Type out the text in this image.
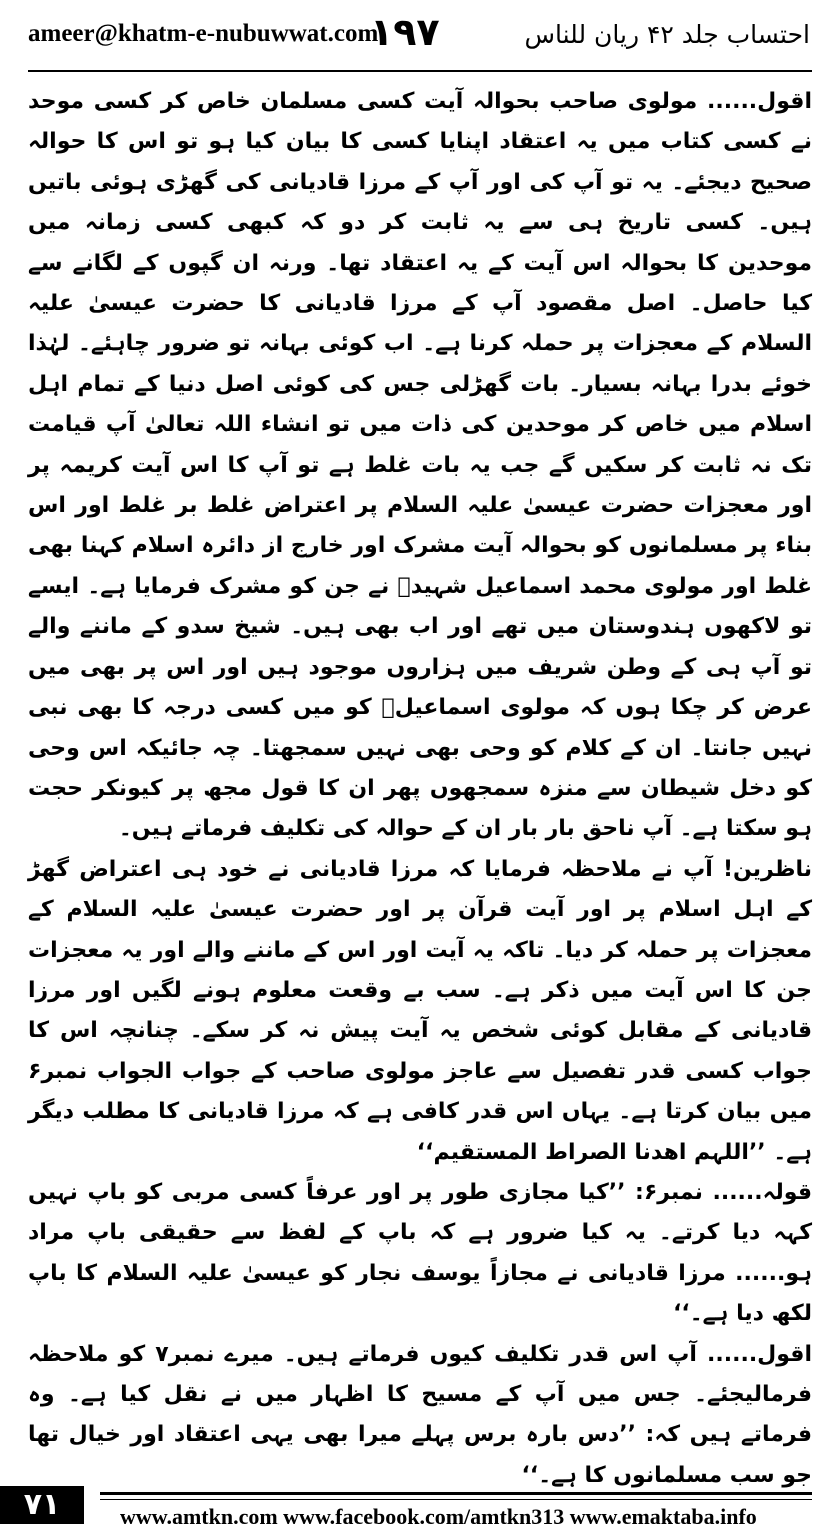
ameer@khatm-e-nubuwwat.com
۱۹۷	احتساب جلد ۴۲ ریان للناس

اقول...... مولوی صاحب بحوالہ آیت کسی مسلمان خاص کر کسی موحد نے کسی کتاب میں یہ اعتقاد اپنایا کسی کا بیان کیا ہو تو اس کا حوالہ صحیح دیجئے۔ یہ تو آپ کی اور آپ کے مرزا قادیانی کی گھڑی ہوئی باتیں ہیں۔ کسی تاریخ ہی سے یہ ثابت کر دو کہ کبھی کسی زمانہ میں موحدین کا بحوالہ اس آیت کے یہ اعتقاد تھا۔ ورنہ ان گپوں کے لگانے سے کیا حاصل۔ اصل مقصود آپ کے مرزا قادیانی کا حضرت عیسیٰ علیہ السلام کے معجزات پر حملہ کرنا ہے۔ اب کوئی بہانہ تو ضرور چاہئے۔ لہٰذا خوئے بدرا بہانہ بسیار۔ بات گھڑلی جس کی کوئی اصل دنیا کے تمام اہل اسلام میں خاص کر موحدین کی ذات میں تو انشاء اللہ تعالیٰ آپ قیامت تک نہ ثابت کر سکیں گے جب یہ بات غلط ہے تو آپ کا اس آیت کریمہ پر اور معجزات حضرت عیسیٰ علیہ السلام پر اعتراض غلط بر غلط اور اس بناء پر مسلمانوں کو بحوالہ آیت مشرک اور خارج از دائرہ اسلام کہنا بھی غلط اور مولوی محمد اسماعیل شہیدؒ نے جن کو مشرک فرمایا ہے۔ ایسے تو لاکھوں ہندوستان میں تھے اور اب بھی ہیں۔ شیخ سدو کے ماننے والے تو آپ ہی کے وطن شریف میں ہزاروں موجود ہیں اور اس پر بھی میں عرض کر چکا ہوں کہ مولوی اسماعیلؒ کو میں کسی درجہ کا بھی نبی نہیں جانتا۔ ان کے کلام کو وحی بھی نہیں سمجھتا۔ چہ جائیکہ اس وحی کو دخل شیطان سے منزہ سمجھوں پھر ان کا قول مجھ پر کیونکر حجت ہو سکتا ہے۔ آپ ناحق بار بار ان کے حوالہ کی تکلیف فرماتے ہیں۔

ناظرین! آپ نے ملاحظہ فرمایا کہ مرزا قادیانی نے خود ہی اعتراض گھڑ کے اہل اسلام پر اور آیت قرآن پر اور حضرت عیسیٰ علیہ السلام کے معجزات پر حملہ کر دیا۔ تاکہ یہ آیت اور اس کے ماننے والے اور یہ معجزات جن کا اس آیت میں ذکر ہے۔ سب بے وقعت معلوم ہونے لگیں اور مرزا قادیانی کے مقابل کوئی شخص یہ آیت پیش نہ کر سکے۔ چنانچہ اس کا جواب کسی قدر تفصیل سے عاجز مولوی صاحب کے جواب الجواب نمبر۶ میں بیان کرتا ہے۔ یہاں اس قدر کافی ہے کہ مرزا قادیانی کا مطلب دیگر ہے۔ ’’اللہم اھدنا الصراط المستقیم‘‘

قولہ...... نمبر۶: ’’کیا مجازی طور پر اور عرفاً کسی مربی کو باپ نہیں کہہ دیا کرتے۔ یہ کیا ضرور ہے کہ باپ کے لفظ سے حقیقی باپ مراد ہو...... مرزا قادیانی نے مجازاً یوسف نجار کو عیسیٰ علیہ السلام کا باپ لکھ دیا ہے۔‘‘

اقول...... آپ اس قدر تکلیف کیوں فرماتے ہیں۔ میرے نمبر۷ کو ملاحظہ فرمالیجئے۔ جس میں آپ کے مسیح کا اظہار میں نے نقل کیا ہے۔ وہ فرماتے ہیں کہ: ’’دس بارہ برس پہلے میرا بھی یہی اعتقاد اور خیال تھا جو سب مسلمانوں کا ہے۔‘‘

۷۱	www.amtkn.com www.facebook.com/amtkn313 www.emaktaba.info
